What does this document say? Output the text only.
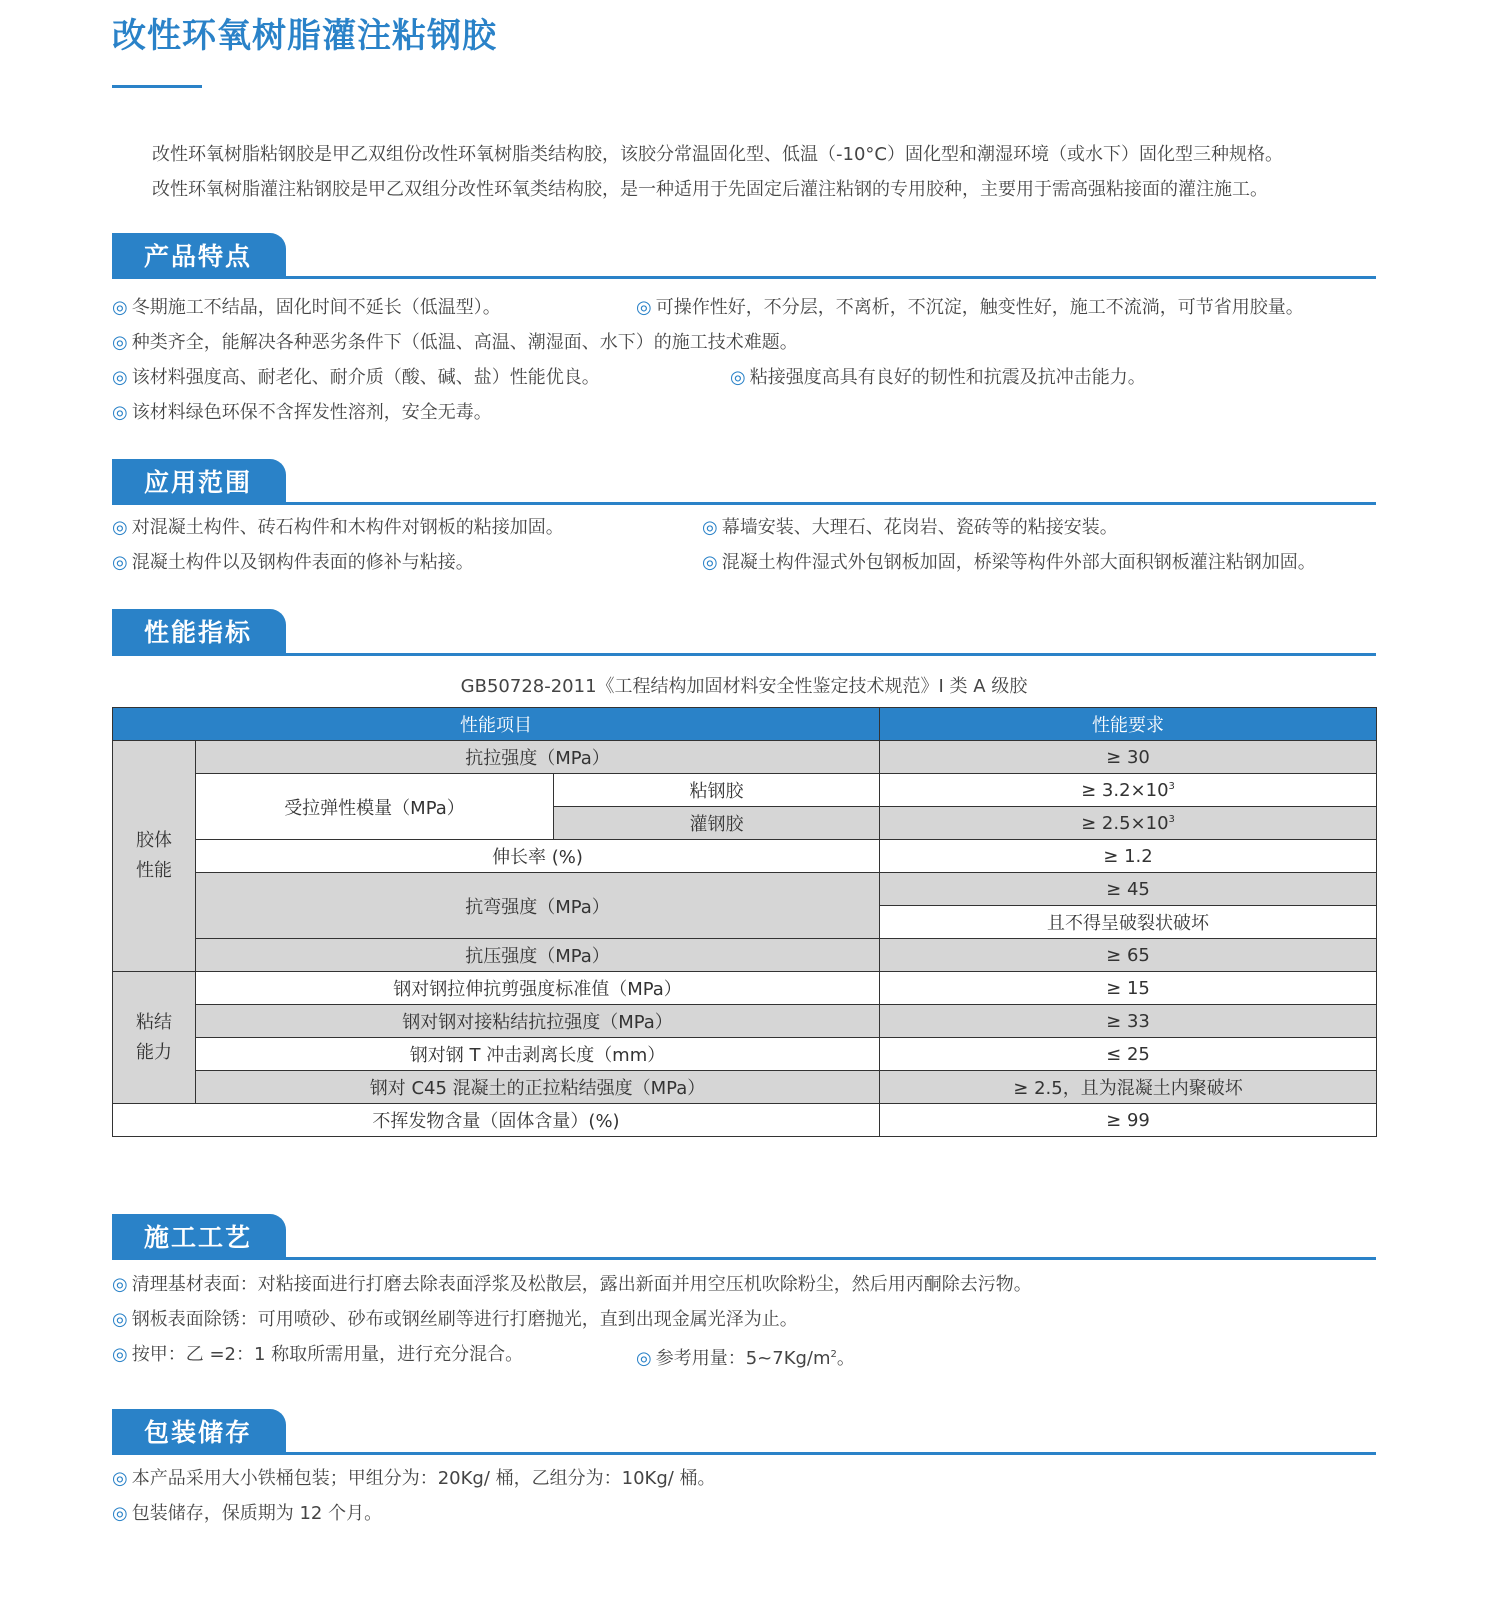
改性环氧树脂灌注粘钢胶
改性环氧树脂粘钢胶是甲乙双组份改性环氧树脂类结构胶，该胶分常温固化型、低温（-10°C）固化型和潮湿环境（或水下）固化型三种规格。
改性环氧树脂灌注粘钢胶是甲乙双组分改性环氧类结构胶，是一种适用于先固定后灌注粘钢的专用胶种，主要用于需高强粘接面的灌注施工。
产品特点
◎ 冬期施工不结晶，固化时间不延长（低温型）。	◎ 可操作性好，不分层，不离析，不沉淀，触变性好，施工不流淌，可节省用胶量。
◎ 种类齐全，能解决各种恶劣条件下（低温、高温、潮湿面、水下）的施工技术难题。
◎ 该材料强度高、耐老化、耐介质（酸、碱、盐）性能优良。	◎ 粘接强度高具有良好的韧性和抗震及抗冲击能力。
◎ 该材料绿色环保不含挥发性溶剂，安全无毒。
应用范围
◎ 对混凝土构件、砖石构件和木构件对钢板的粘接加固。	◎ 幕墙安装、大理石、花岗岩、瓷砖等的粘接安装。
◎ 混凝土构件以及钢构件表面的修补与粘接。	◎ 混凝土构件湿式外包钢板加固，桥梁等构件外部大面积钢板灌注粘钢加固。
性能指标
GB50728-2011《工程结构加固材料安全性鉴定技术规范》I 类 A 级胶
性能项目			性能要求
胶体
性能	抗拉强度（MPa）		≥ 30
	受拉弹性模量（MPa）	粘钢胶	≥ $3.2\times 10^3$
		灌钢胶	≥ $2.5\times 10^3$
	伸长率 (%)		≥ 1.2
	抗弯强度（MPa）		≥ 45
			且不得呈破裂状破坏
	抗压强度（MPa）		≥ 65
粘结
能力	钢对钢拉伸抗剪强度标准值（MPa）		≥ 15
	钢对钢对接粘结抗拉强度（MPa）		≥ 33
	钢对钢 T 冲击剥离长度（mm）		≤ 25
	钢对 C45 混凝土的正拉粘结强度（MPa）		≥ 2.5，且为混凝土内聚破坏
不挥发物含量（固体含量）(%)			≥ 99
施工工艺
◎ 清理基材表面：对粘接面进行打磨去除表面浮浆及松散层，露出新面并用空压机吹除粉尘，然后用丙酮除去污物。
◎ 钢板表面除锈：可用喷砂、砂布或钢丝刷等进行打磨抛光，直到出现金属光泽为止。
◎ 按甲：乙 =2：1 称取所需用量，进行充分混合。	◎ 参考用量：$5\sim 7Kg/m^2$。
包装储存
◎ 本产品采用大小铁桶包装；甲组分为：20Kg/ 桶，乙组分为：10Kg/ 桶。
◎ 包装储存，保质期为 12 个月。
